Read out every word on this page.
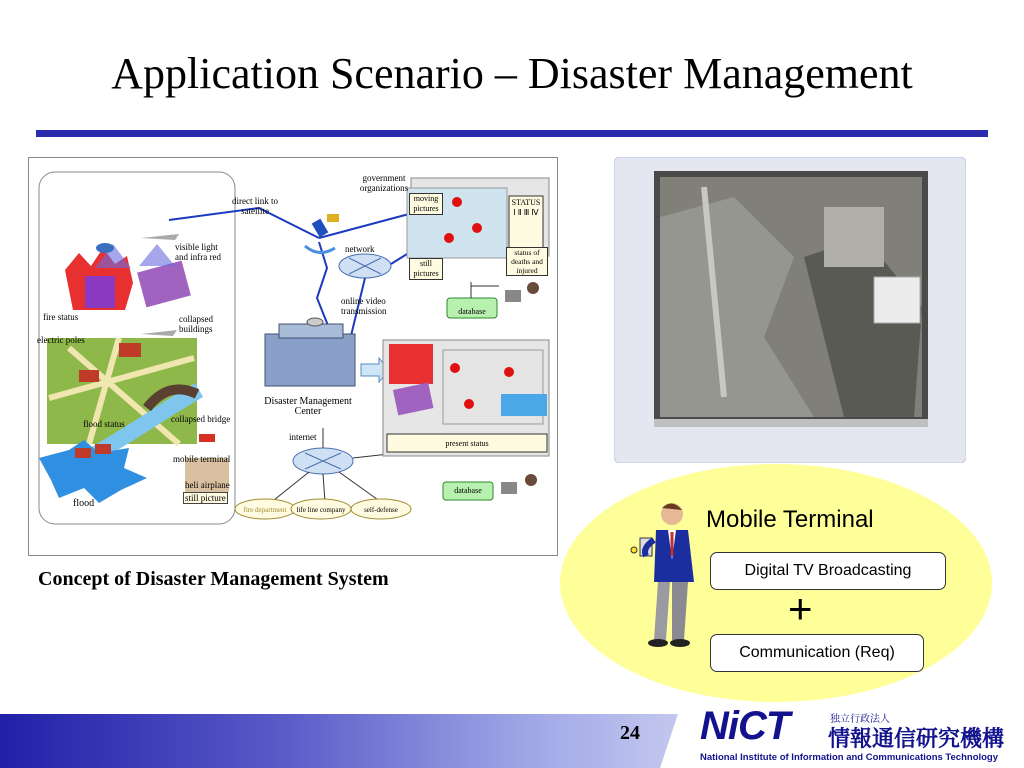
Application Scenario – Disaster Management
government organizations
direct link to satellite
visible light and infra red
network
online video transmission
fire status	collapsed buildings
electric poles
flood status	collapsed bridge
mobile terminal
heli airplane
still picture
flood
Disaster Management Center
internet
moving pictures
still pictures
STATUS
Ⅰ Ⅱ Ⅲ Ⅳ
status of deaths and injured
database
present status
database
fire department	life line company	self-defense
Concept of Disaster Management System
Mobile Terminal
Digital TV Broadcasting
+
Communication (Req)
24 NiCT	独立行政法人
情報通信研究機構
National Institute of Information and Communications Technology
